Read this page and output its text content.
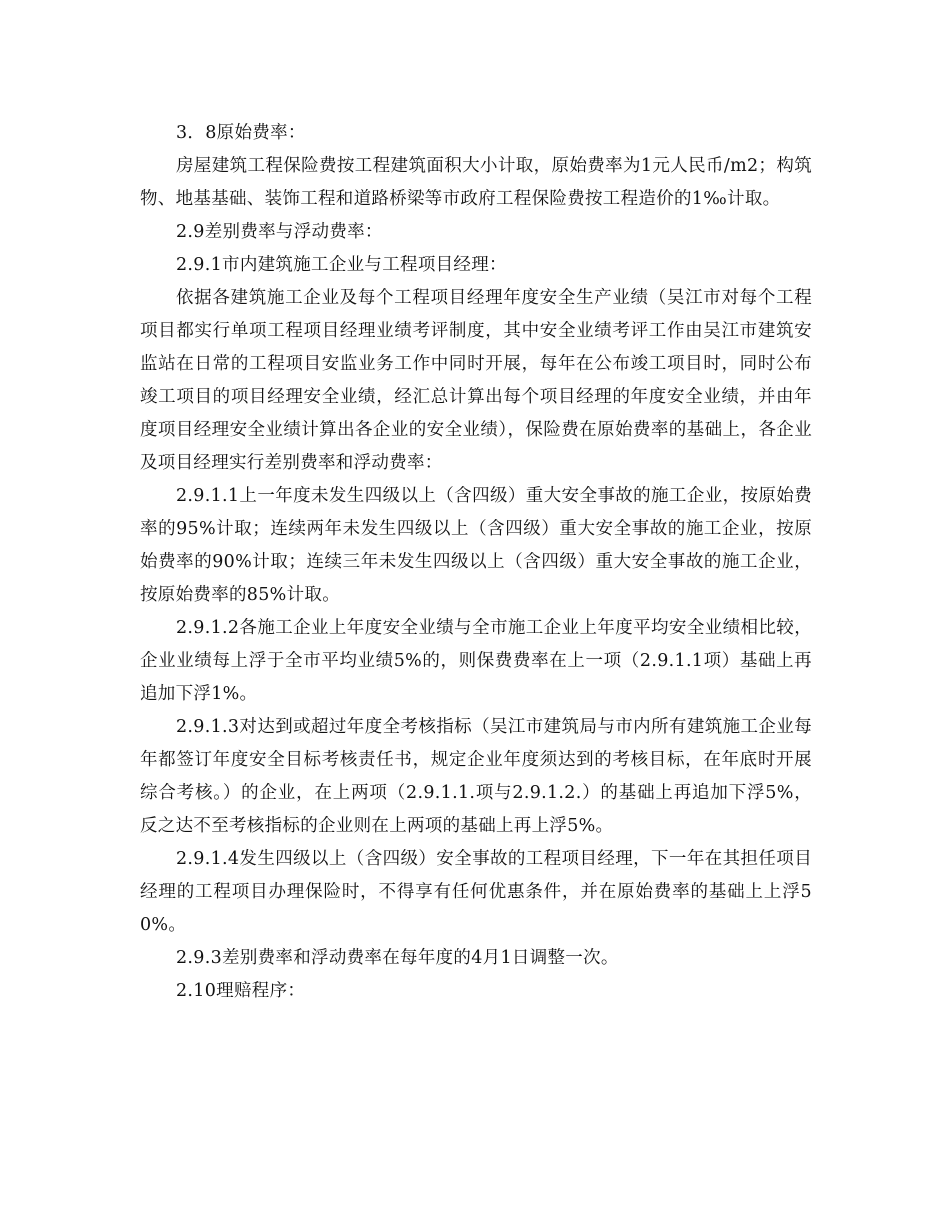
3．8原始费率：

房屋建筑工程保险费按工程建筑面积大小计取，原始费率为1元人民币/m2；构筑物、地基基础、装饰工程和道路桥梁等市政府工程保险费按工程造价的1‰计取。

2.9差别费率与浮动费率：

2.9.1市内建筑施工企业与工程项目经理：

依据各建筑施工企业及每个工程项目经理年度安全生产业绩（吴江市对每个工程项目都实行单项工程项目经理业绩考评制度，其中安全业绩考评工作由吴江市建筑安监站在日常的工程项目安监业务工作中同时开展，每年在公布竣工项目时，同时公布竣工项目的项目经理安全业绩，经汇总计算出每个项目经理的年度安全业绩，并由年度项目经理安全业绩计算出各企业的安全业绩），保险费在原始费率的基础上，各企业及项目经理实行差别费率和浮动费率：

2.9.1.1上一年度未发生四级以上（含四级）重大安全事故的施工企业，按原始费率的95%计取；连续两年未发生四级以上（含四级）重大安全事故的施工企业，按原始费率的90%计取；连续三年未发生四级以上（含四级）重大安全事故的施工企业，按原始费率的85%计取。

2.9.1.2各施工企业上年度安全业绩与全市施工企业上年度平均安全业绩相比较，企业业绩每上浮于全市平均业绩5%的，则保费费率在上一项（2.9.1.1项）基础上再追加下浮1%。

2.9.1.3对达到或超过年度全考核指标（吴江市建筑局与市内所有建筑施工企业每年都签订年度安全目标考核责任书，规定企业年度须达到的考核目标，在年底时开展综合考核。）的企业，在上两项（2.9.1.1.项与2.9.1.2.）的基础上再追加下浮5%，反之达不至考核指标的企业则在上两项的基础上再上浮5%。

2.9.1.4发生四级以上（含四级）安全事故的工程项目经理，下一年在其担任项目经理的工程项目办理保险时，不得享有任何优惠条件，并在原始费率的基础上上浮50%。

2.9.3差别费率和浮动费率在每年度的4月1日调整一次。

2.10理赔程序：
